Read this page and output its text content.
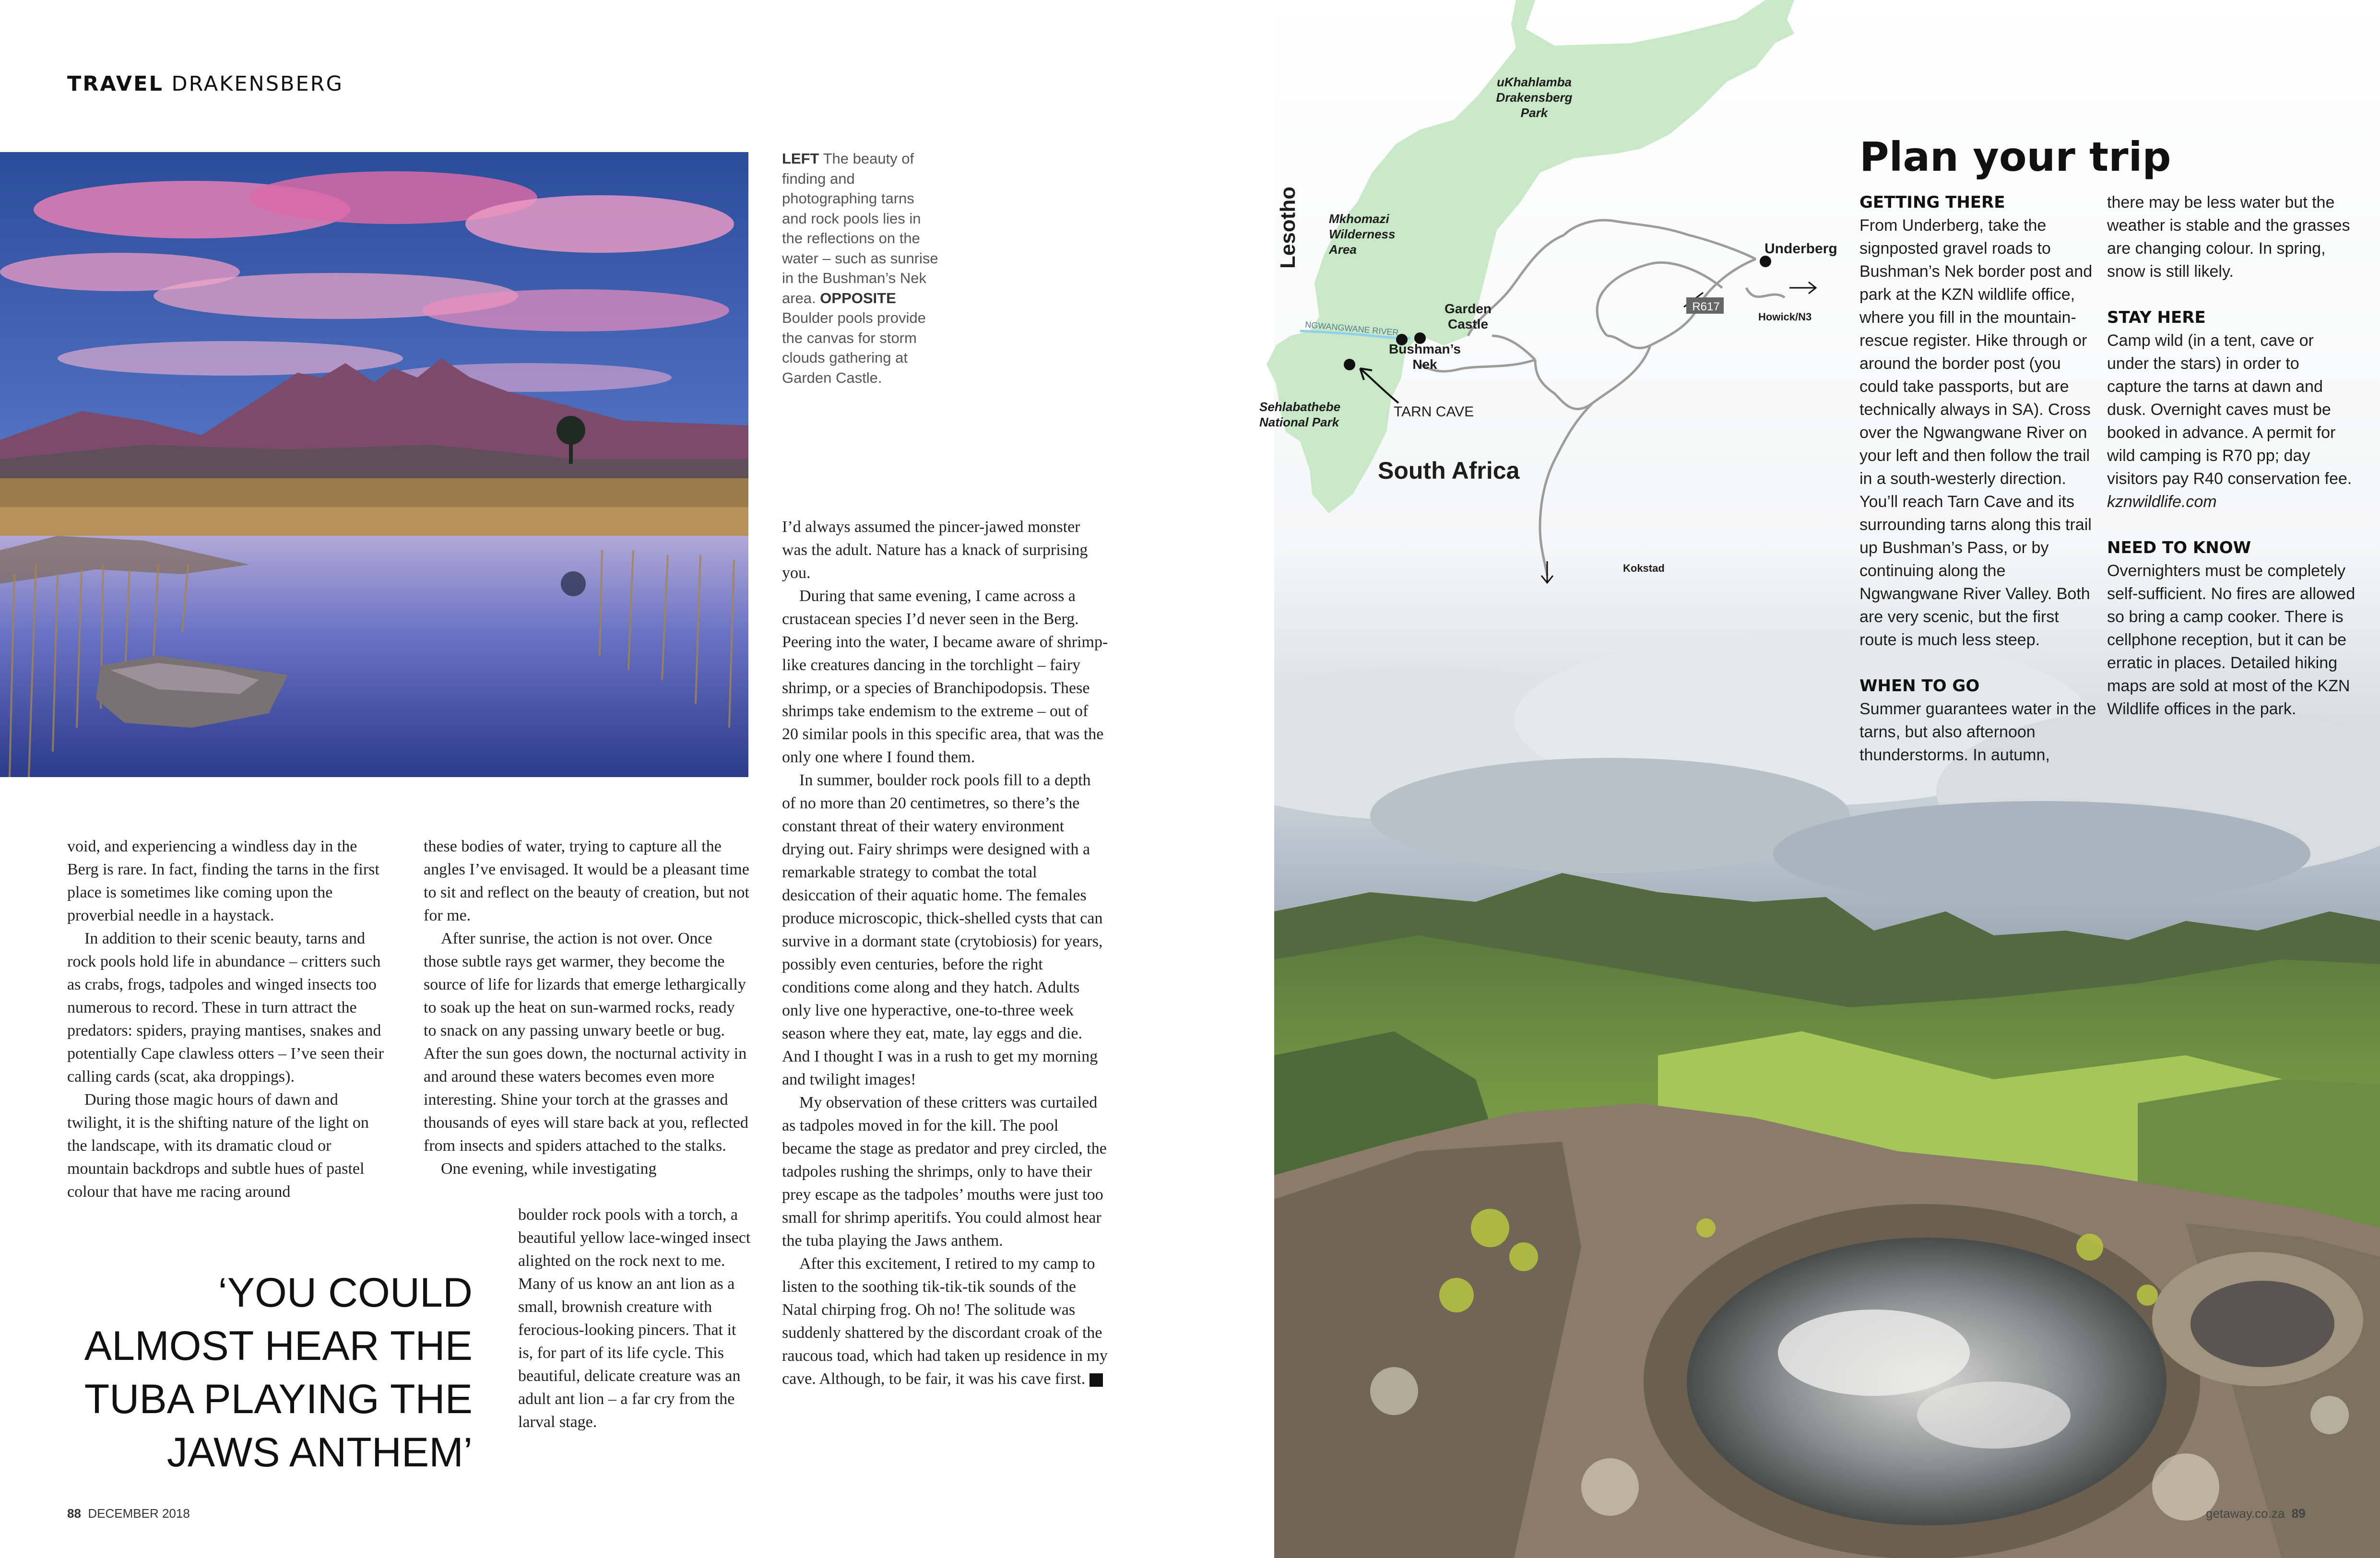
TRAVEL DRAKENSBERG
LEFT The beauty of finding and photographing tarns and rock pools lies in the reflections on the water – such as sunrise in the Bushman’s Nek area. OPPOSITE Boulder pools provide the canvas for storm clouds gathering at Garden Castle.

void, and experiencing a windless day in the Berg is rare. In fact, finding the tarns in the first place is sometimes like coming upon the proverbial needle in a haystack.

In addition to their scenic beauty, tarns and rock pools hold life in abundance – critters such as crabs, frogs, tadpoles and winged insects too numerous to record. These in turn attract the predators: spiders, praying mantises, snakes and potentially Cape clawless otters – I’ve seen their calling cards (scat, aka droppings).

During those magic hours of dawn and twilight, it is the shifting nature of the light on the landscape, with its dramatic cloud or mountain backdrops and subtle hues of pastel colour that have me racing around

these bodies of water, trying to capture all the angles I’ve envisaged. It would be a pleasant time to sit and reflect on the beauty of creation, but not for me.

After sunrise, the action is not over. Once those subtle rays get warmer, they become the source of life for lizards that emerge lethargically to soak up the heat on sun-warmed rocks, ready to snack on any passing unwary beetle or bug. After the sun goes down, the nocturnal activity in and around these waters becomes even more interesting. Shine your torch at the grasses and thousands of eyes will stare back at you, reflected from insects and spiders attached to the stalks.

One evening, while investigating

boulder rock pools with a torch, a beautiful yellow lace-winged insect alighted on the rock next to me. Many of us know an ant lion as a small, brownish creature with ferocious-looking pincers. That it is, for part of its life cycle. This beautiful, delicate creature was an adult ant lion – a far cry from the larval stage.

I’d always assumed the pincer-jawed monster was the adult. Nature has a knack of surprising you.

During that same evening, I came across a crustacean species I’d never seen in the Berg. Peering into the water, I became aware of shrimp-like creatures dancing in the torchlight – fairy shrimp, or a species of Branchipodopsis. These shrimps take endemism to the extreme – out of 20 similar pools in this specific area, that was the only one where I found them.

In summer, boulder rock pools fill to a depth of no more than 20 centimetres, so there’s the constant threat of their watery environment drying out. Fairy shrimps were designed with a remarkable strategy to combat the total desiccation of their aquatic home. The females produce microscopic, thick-shelled cysts that can survive in a dormant state (crytobiosis) for years, possibly even centuries, before the right conditions come along and they hatch. Adults only live one hyperactive, one-to-three week season where they eat, mate, lay eggs and die. And I thought I was in a rush to get my morning and twilight images!

My observation of these critters was curtailed as tadpoles moved in for the kill. The pool became the stage as predator and prey circled, the tadpoles rushing the shrimps, only to have their prey escape as the tadpoles’ mouths were just too small for shrimp aperitifs. You could almost hear the tuba playing the Jaws anthem.

After this excitement, I retired to my camp to listen to the soothing tik-tik-tik sounds of the Natal chirping frog. Oh no! The solitude was suddenly shattered by the discordant croak of the raucous toad, which had taken up residence in my cave. Although, to be fair, it was his cave first. G

‘YOU COULD ALMOST HEAR THE TUBA PLAYING THE JAWS ANTHEM’
88 DECEMBER 2018
uKhahlamba Drakensberg Park
Mkhomazi Wilderness Area
Lesotho
Sehlabathebe National Park
NGWANGWANE RIVER
Bushman’s Nek
Garden Castle
TARN CAVE
South Africa
Underberg
Howick/N3
R617
Kokstad
Plan your trip
GETTING THERE

From Underberg, take the signposted gravel roads to Bushman’s Nek border post and park at the KZN wildlife office, where you fill in the mountain-rescue register. Hike through or around the border post (you could take passports, but are technically always in SA). Cross over the Ngwangwane River on your left and then follow the trail in a south-westerly direction. You’ll reach Tarn Cave and its surrounding tarns along this trail up Bushman’s Pass, or by continuing along the Ngwangwane River Valley. Both are very scenic, but the first route is much less steep.

WHEN TO GO

Summer guarantees water in the tarns, but also afternoon thunderstorms. In autumn,

there may be less water but the weather is stable and the grasses are changing colour. In spring, snow is still likely.

STAY HERE

Camp wild (in a tent, cave or under the stars) in order to capture the tarns at dawn and dusk. Overnight caves must be booked in advance. A permit for wild camping is R70 pp; day visitors pay R40 conservation fee.

kznwildlife.com

NEED TO KNOW

Overnighters must be completely self-sufficient. No fires are allowed so bring a camp cooker. There is cellphone reception, but it can be erratic in places. Detailed hiking maps are sold at most of the KZN Wildlife offices in the park.

getaway.co.za 89
